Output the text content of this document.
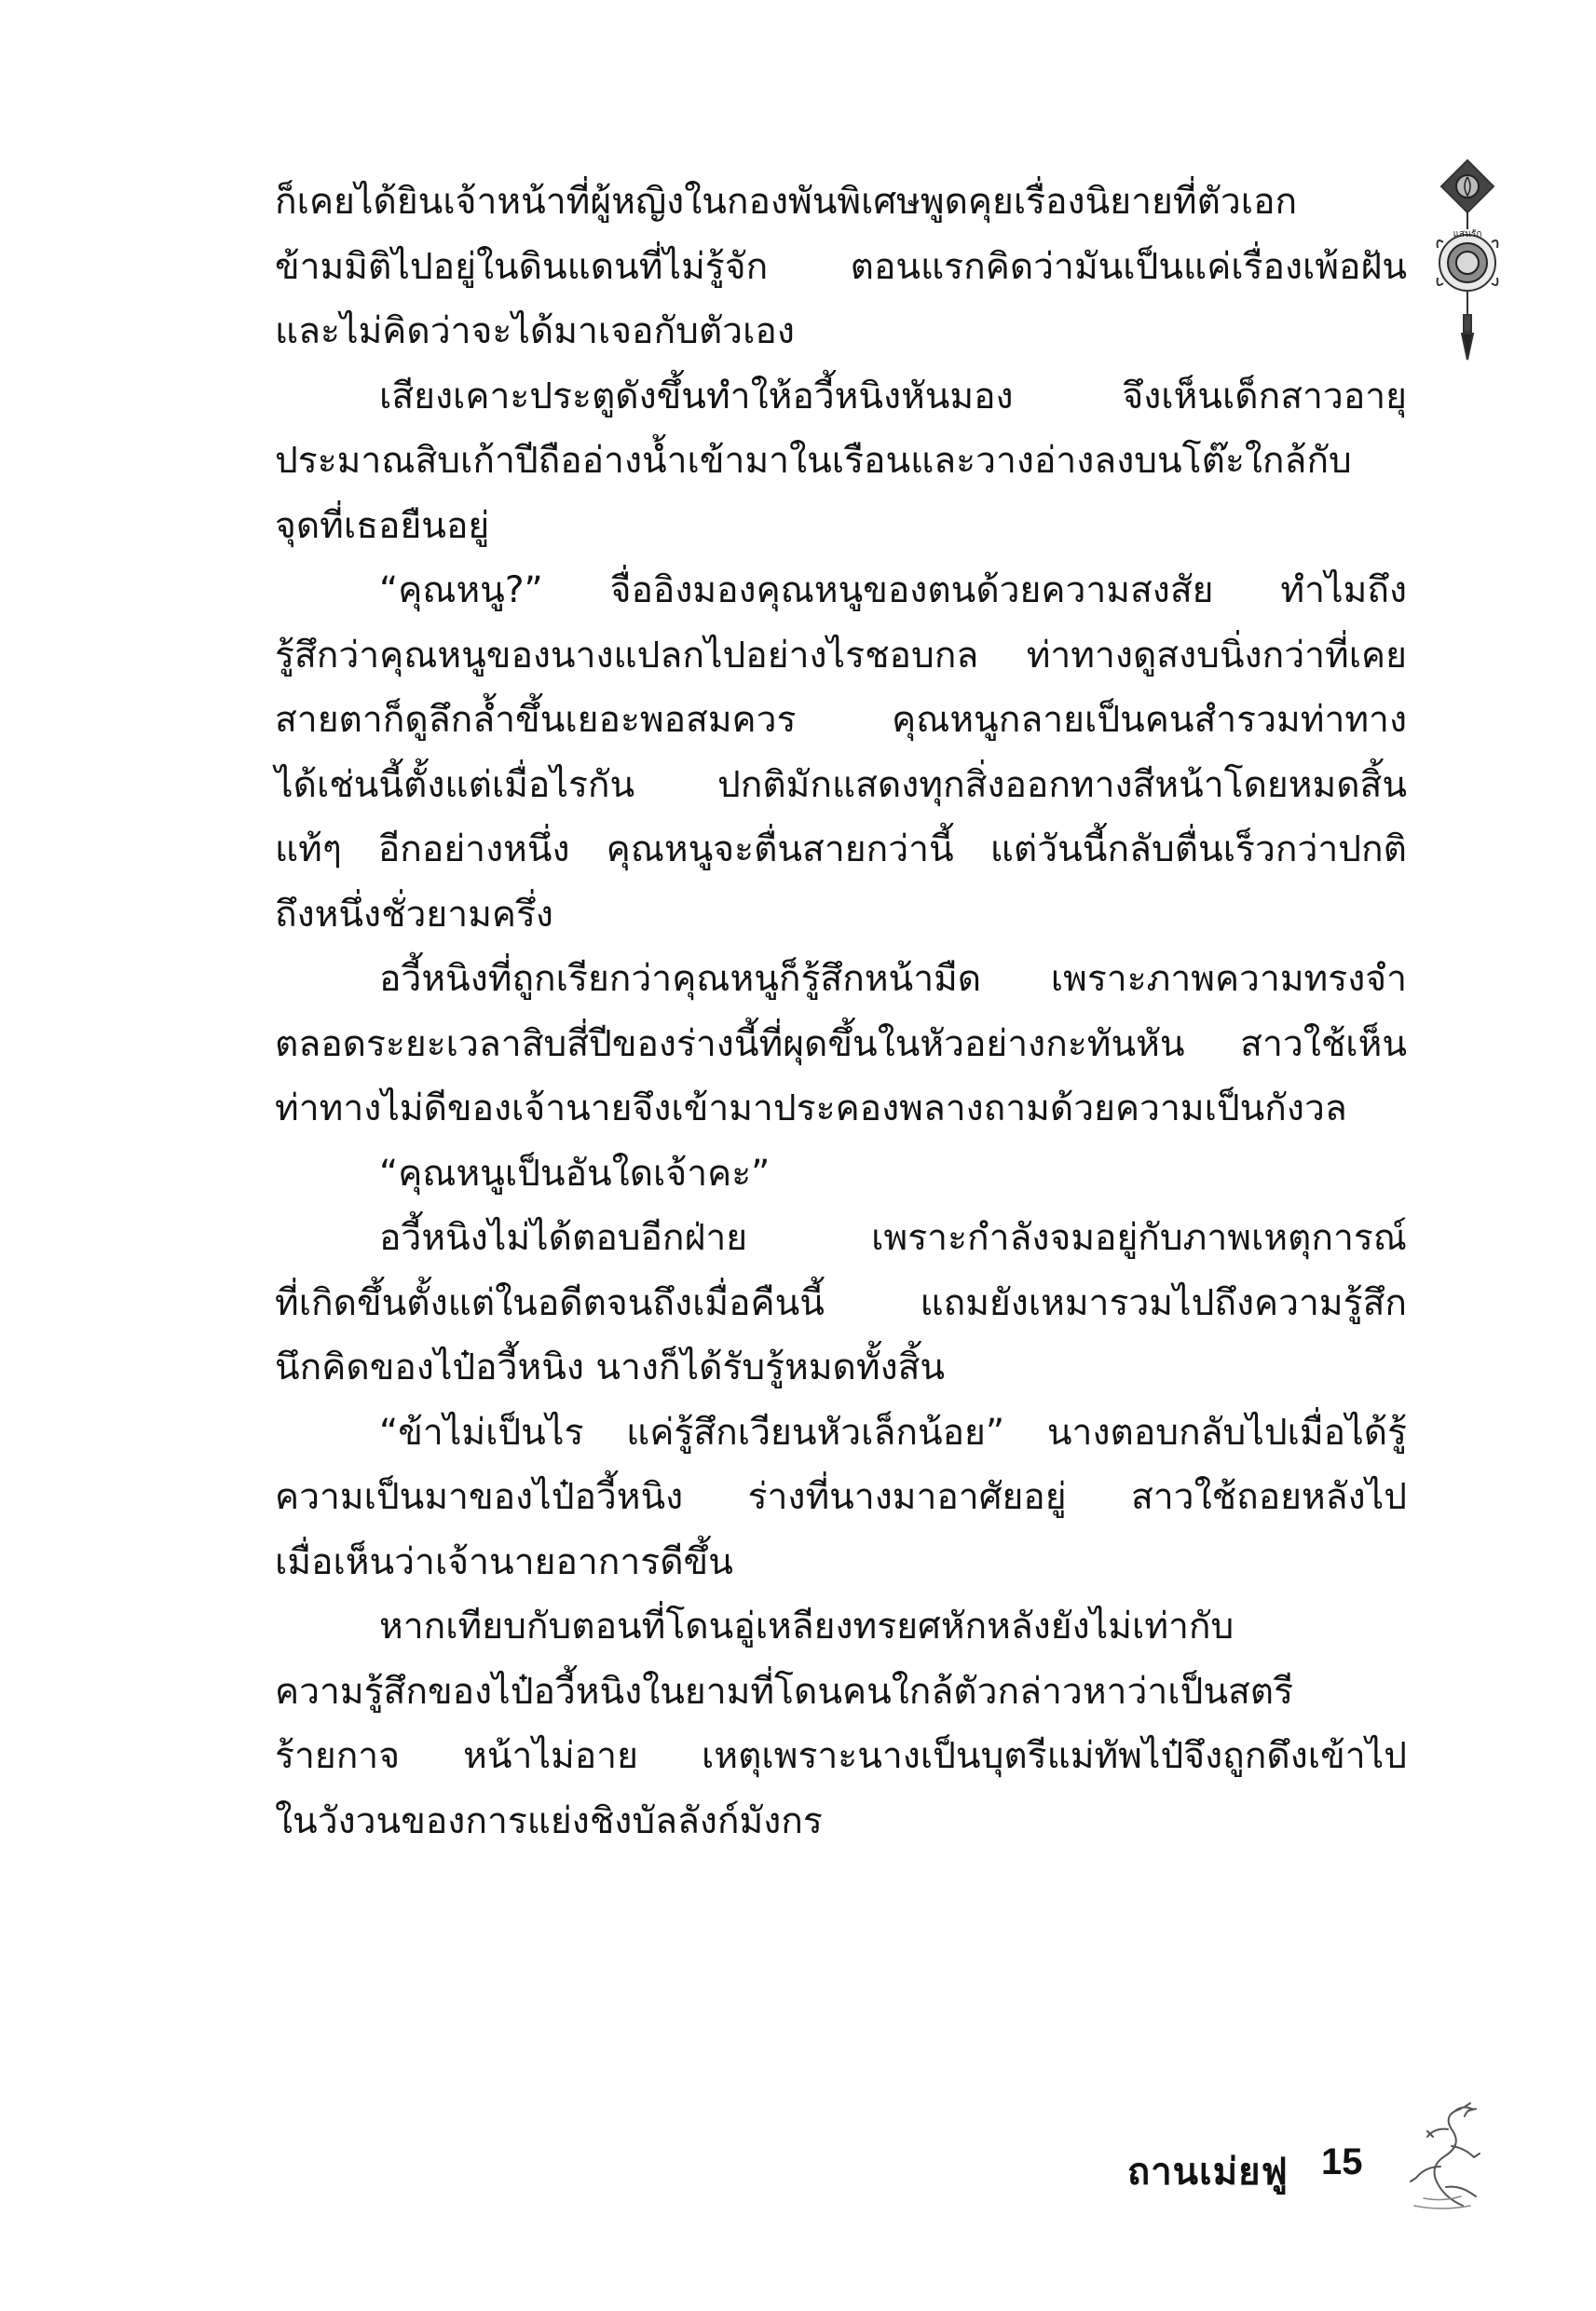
ก็เคยได้ยินเจ้าหน้าที่ผู้หญิงในกองพันพิเศษพูดคุยเรื่องนิยายที่ตัวเอก
ข้ามมิติไปอยู่ในดินแดนที่ไม่รู้จัก ตอนแรกคิดว่ามันเป็นแค่เรื่องเพ้อฝัน
และไม่คิดว่าจะได้มาเจอกับตัวเอง
เสียงเคาะประตูดังขึ้นทำให้อวี้หนิงหันมอง จึงเห็นเด็กสาวอายุ
ประมาณสิบเก้าปีถืออ่างน้ำเข้ามาในเรือนและวางอ่างลงบนโต๊ะใกล้กับ
จุดที่เธอยืนอยู่
“คุณหนู?” จื่ออิงมองคุณหนูของตนด้วยความสงสัย ทำไมถึง
รู้สึกว่าคุณหนูของนางแปลกไปอย่างไรชอบกล ท่าทางดูสงบนิ่งกว่าที่เคย
สายตาก็ดูลึกล้ำขึ้นเยอะพอสมควร คุณหนูกลายเป็นคนสำรวมท่าทาง
ได้เช่นนี้ตั้งแต่เมื่อไรกัน ปกติมักแสดงทุกสิ่งออกทางสีหน้าโดยหมดสิ้น
แท้ๆ อีกอย่างหนึ่ง คุณหนูจะตื่นสายกว่านี้ แต่วันนี้กลับตื่นเร็วกว่าปกติ
ถึงหนึ่งชั่วยามครึ่ง
อวี้หนิงที่ถูกเรียกว่าคุณหนูก็รู้สึกหน้ามืด เพราะภาพความทรงจำ
ตลอดระยะเวลาสิบสี่ปีของร่างนี้ที่ผุดขึ้นในหัวอย่างกะทันหัน สาวใช้เห็น
ท่าทางไม่ดีของเจ้านายจึงเข้ามาประคองพลางถามด้วยความเป็นกังวล
“คุณหนูเป็นอันใดเจ้าคะ”
อวี้หนิงไม่ได้ตอบอีกฝ่าย เพราะกำลังจมอยู่กับภาพเหตุการณ์
ที่เกิดขึ้นตั้งแต่ในอดีตจนถึงเมื่อคืนนี้ แถมยังเหมารวมไปถึงความรู้สึก
นึกคิดของไป๋อวี้หนิง นางก็ได้รับรู้หมดทั้งสิ้น
“ข้าไม่เป็นไร แค่รู้สึกเวียนหัวเล็กน้อย” นางตอบกลับไปเมื่อได้รู้
ความเป็นมาของไป๋อวี้หนิง ร่างที่นางมาอาศัยอยู่ สาวใช้ถอยหลังไป
เมื่อเห็นว่าเจ้านายอาการดีขึ้น
หากเทียบกับตอนที่โดนอู่เหลียงทรยศหักหลังยังไม่เท่ากับ
ความรู้สึกของไป๋อวี้หนิงในยามที่โดนคนใกล้ตัวกล่าวหาว่าเป็นสตรี
ร้ายกาจ หน้าไม่อาย เหตุเพราะนางเป็นบุตรีแม่ทัพไป๋จึงถูกดึงเข้าไป
ในวังวนของการแย่งชิงบัลลังก์มังกร
แสนรัก
ถานเม่ยฟู 15
